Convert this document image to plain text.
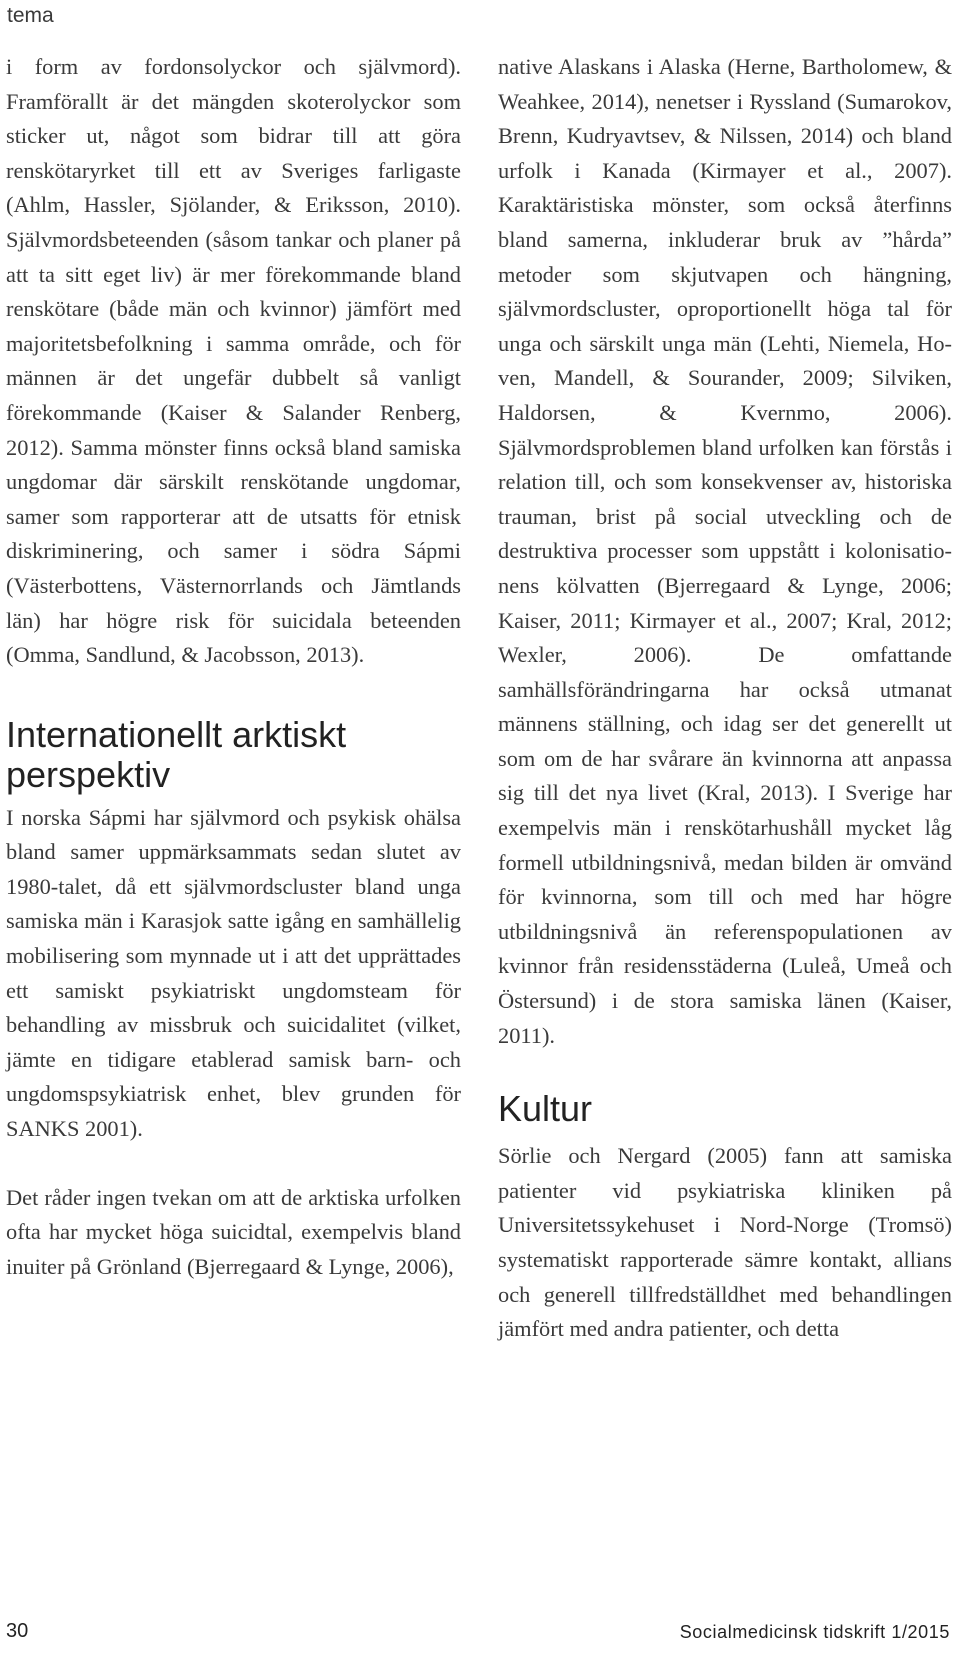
tema

i form av fordonsolyckor och självmord). Framförallt är det mängden skoterolyckor som sticker ut, något som bidrar till att göra renskötaryrket till ett av Sveriges farligaste (Ahlm, Hassler, Sjölander, & Eriksson, 2010). Självmordsbeteenden (såsom tankar och planer på att ta sitt eget liv) är mer förekommande bland renskötare (både män och kvinnor) jämfört med majoritetsbefolkning i samma område, och för männen är det ungefär dubbelt så vanligt förekommande (Kaiser & Salander Renberg, 2012). Samma mönster finns också bland samiska ungdomar där särskilt renskötande ungdomar, samer som rapporterar att de utsatts för etnisk diskriminering, och samer i södra Sápmi (Västerbottens, Västernorrlands och Jämtlands län) har högre risk för suicidala beteenden (Omma, Sandlund, & Jacobsson, 2013).

Internationellt arktiskt perspektiv

I norska Sápmi har självmord och psykisk ohälsa bland samer uppmärksammats sedan slutet av 1980-talet, då ett självmordscluster bland unga samiska män i Karasjok satte igång en samhällelig mobilisering som mynnade ut i att det upprättades ett samiskt psykiatriskt ungdomsteam för behandling av missbruk och suicidalitet (vilket, jämte en tidigare etablerad samisk barn- och ungdomspsykiatrisk enhet, blev grunden för SANKS 2001).

Det råder ingen tvekan om att de arktiska urfolken ofta har mycket höga suicidtal, exempelvis bland inuiter på Grönland (Bjerregaard & Lynge, 2006),

native Alaskans i Alaska (Herne, Bartholomew, & Weahkee, 2014), nenetser i Ryssland (Sumarokov, Brenn, Kudryavtsev, & Nilssen, 2014) och bland urfolk i Kanada (Kirmayer et al., 2007). Karaktäristiska mönster, som också återfinns bland samerna, inkluderar bruk av ”hårda” metoder som skjutvapen och hängning, självmordscluster, oproportionellt höga tal för unga och särskilt unga män (Lehti, Niemela, Hoven, Mandell, & Sourander, 2009; Silviken, Haldorsen, & Kvernmo, 2006). Självmordsproblemen bland urfolken kan förstås i relation till, och som konsekvenser av, historiska trauman, brist på social utveckling och de destruktiva processer som uppstått i kolonisationens kölvatten (Bjerregaard & Lynge, 2006; Kaiser, 2011; Kirmayer et al., 2007; Kral, 2012; Wexler, 2006). De omfattande samhällsförändringarna har också utmanat männens ställning, och idag ser det generellt ut som om de har svårare än kvinnorna att anpassa sig till det nya livet (Kral, 2013). I Sverige har exempelvis män i renskötarhushåll mycket låg formell utbildningsnivå, medan bilden är omvänd för kvinnorna, som till och med har högre utbildningsnivå än referenspopulationen av kvinnor från residensstäderna (Luleå, Umeå och Östersund) i de stora samiska länen (Kaiser, 2011).

Kultur

Sörlie och Nergard (2005) fann att samiska patienter vid psykiatriska kliniken på Universitetssykehuset i Nord-Norge (Tromsö) systematiskt rapporterade sämre kontakt, allians och generell tillfredställdhet med behandlingen jämfört med andra patienter, och detta

30	Socialmedicinsk tidskrift 1/2015
